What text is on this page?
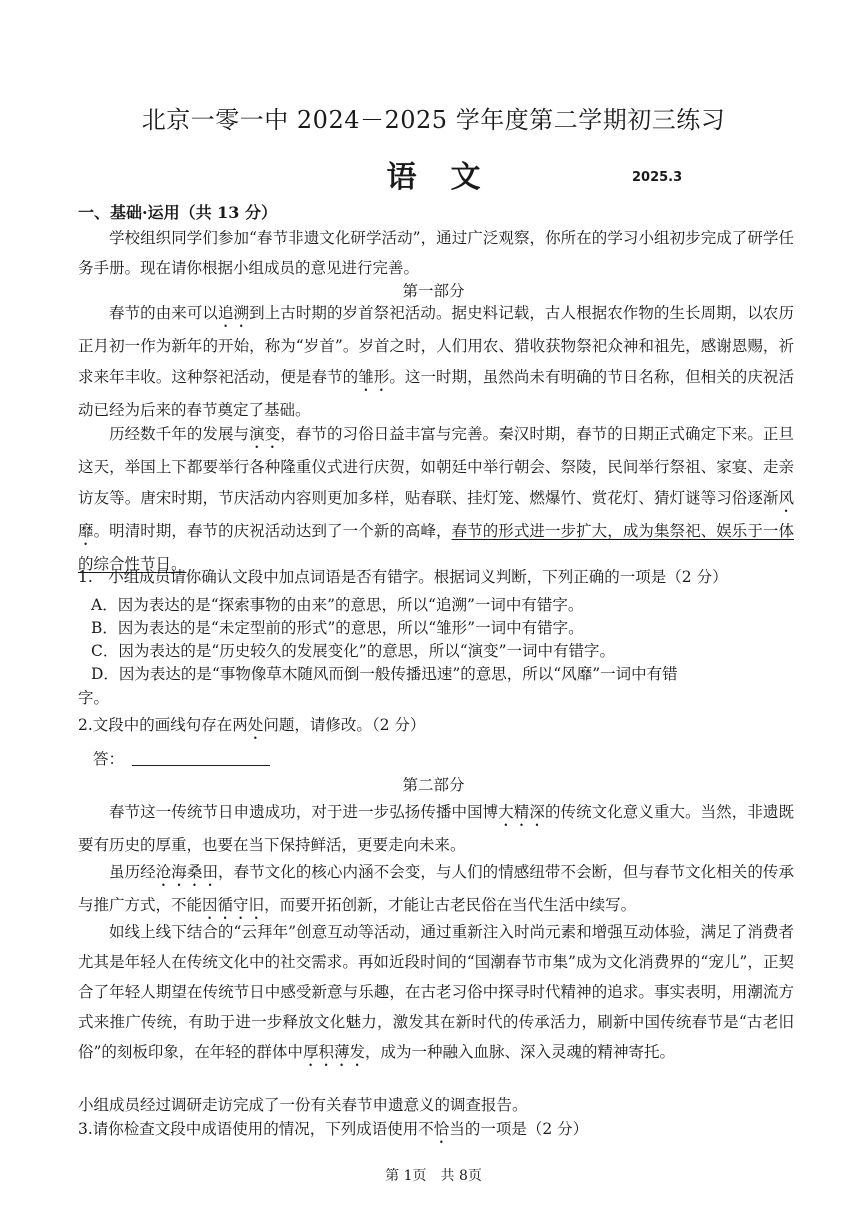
北京一零一中 2024－2025 学年度第二学期初三练习
语文	2025.3
一、基础·运用（共 13 分）
学校组织同学们参加“春节非遗文化研学活动”，通过广泛观察，你所在的学习小组初步完成了研学任务手册。现在请你根据小组成员的意见进行完善。
第一部分
春节的由来可以追溯到上古时期的岁首祭祀活动。据史料记载，古人根据农作物的生长周期，以农历正月初一作为新年的开始，称为“岁首”。岁首之时，人们用农、猎收获物祭祀众神和祖先，感谢恩赐，祈求来年丰收。这种祭祀活动，便是春节的雏形。这一时期，虽然尚未有明确的节日名称，但相关的庆祝活动已经为后来的春节奠定了基础。
历经数千年的发展与演变，春节的习俗日益丰富与完善。秦汉时期，春节的日期正式确定下来。正旦这天，举国上下都要举行各种隆重仪式进行庆贺，如朝廷中举行朝会、祭陵，民间举行祭祖、家宴、走亲访友等。唐宋时期，节庆活动内容则更加多样，贴春联、挂灯笼、燃爆竹、赏花灯、猜灯谜等习俗逐渐风靡。明清时期，春节的庆祝活动达到了一个新的高峰，春节的形式进一步扩大，成为集祭祀、娱乐于一体的综合性节日。
1.　小组成员请你确认文段中加点词语是否有错字。根据词义判断，下列正确的一项是（2 分）
A．因为表达的是“探索事物的由来”的意思，所以“追溯”一词中有错字。
B．因为表达的是“未定型前的形式”的意思，所以“雏形”一词中有错字。
C．因为表达的是“历史较久的发展变化”的意思，所以“演变”一词中有错字。
D．因为表达的是“事物像草木随风而倒一般传播迅速”的意思，所以“风靡”一词中有错
字。
2.文段中的画线句存在两处问题，请修改。（2 分）
答：
第二部分
春节这一传统节日申遗成功，对于进一步弘扬传播中国博大精深的传统文化意义重大。当然，非遗既要有历史的厚重，也要在当下保持鲜活，更要走向未来。
虽历经沧海桑田，春节文化的核心内涵不会变，与人们的情感纽带不会断，但与春节文化相关的传承与推广方式，不能因循守旧，而要开拓创新，才能让古老民俗在当代生活中续写。
如线上线下结合的“云拜年”创意互动等活动，通过重新注入时尚元素和增强互动体验，满足了消费者尤其是年轻人在传统文化中的社交需求。再如近段时间的“国潮春节市集”成为文化消费界的“宠儿”，正契合了年轻人期望在传统节日中感受新意与乐趣，在古老习俗中探寻时代精神的追求。事实表明，用潮流方式来推广传统，有助于进一步释放文化魅力，激发其在新时代的传承活力，刷新中国传统春节是“古老旧俗”的刻板印象，在年轻的群体中厚积薄发，成为一种融入血脉、深入灵魂的精神寄托。
小组成员经过调研走访完成了一份有关春节申遗意义的调查报告。
3.请你检查文段中成语使用的情况，下列成语使用不恰当的一项是（2 分）
第 1页　共 8页
